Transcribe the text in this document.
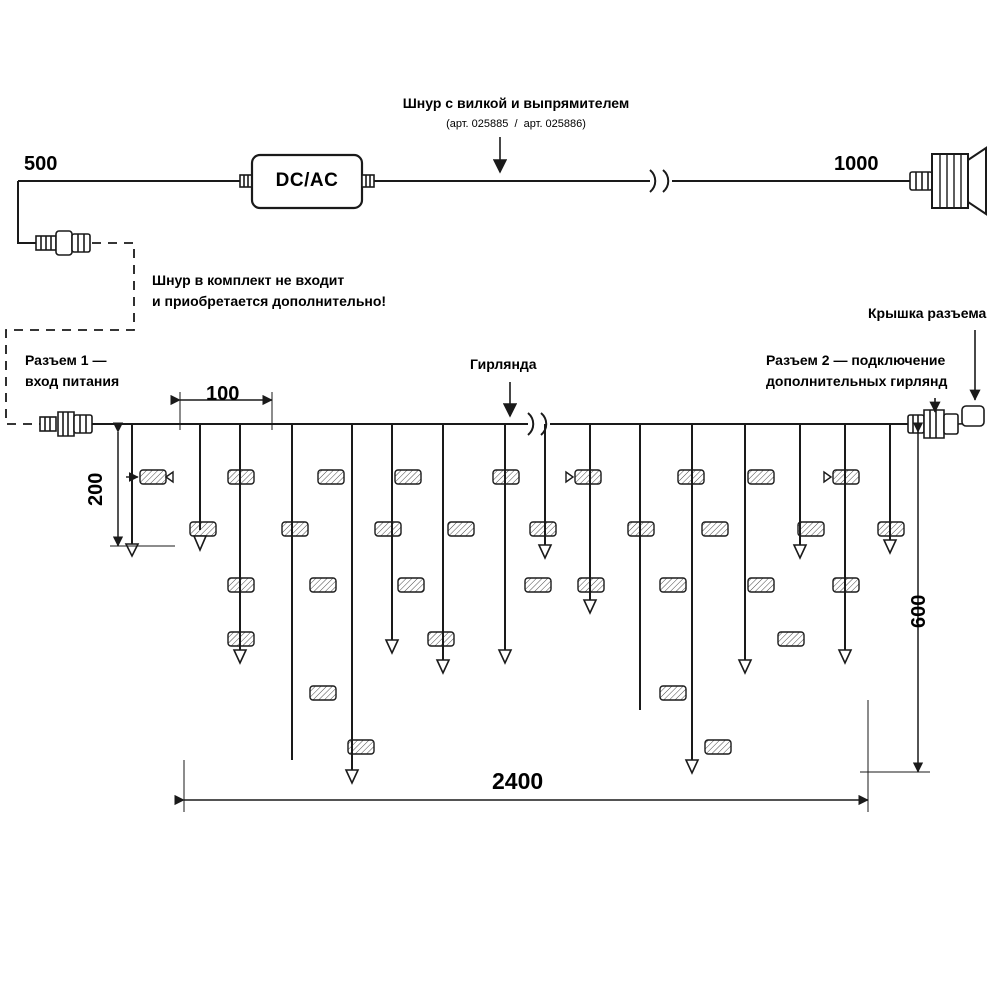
500	1000
Шнур с вилкой и выпрямителем
(арт. 025885  /  арт. 025886)
DC/AC
Шнур в комплект не входит
и приобретается дополнительно!
Разъем 1 —
вход питания
Гирлянда	Разъем 2 — подключение
дополнительных гирлянд
Крышка разъема
100
200
600
2400
